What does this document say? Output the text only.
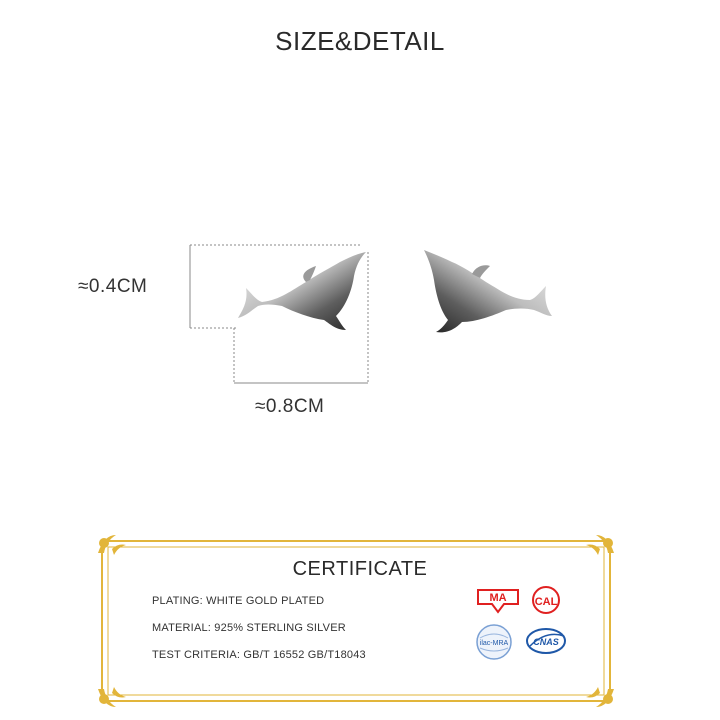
SIZE&DETAIL
≈0.4CM
≈0.8CM
CERTIFICATE
PLATING: WHITE GOLD PLATED
MATERIAL: 925% STERLING SILVER
TEST CRITERIA: GB/T 16552 GB/T18043
MA	CAL
ilac-MRA	CNAS
